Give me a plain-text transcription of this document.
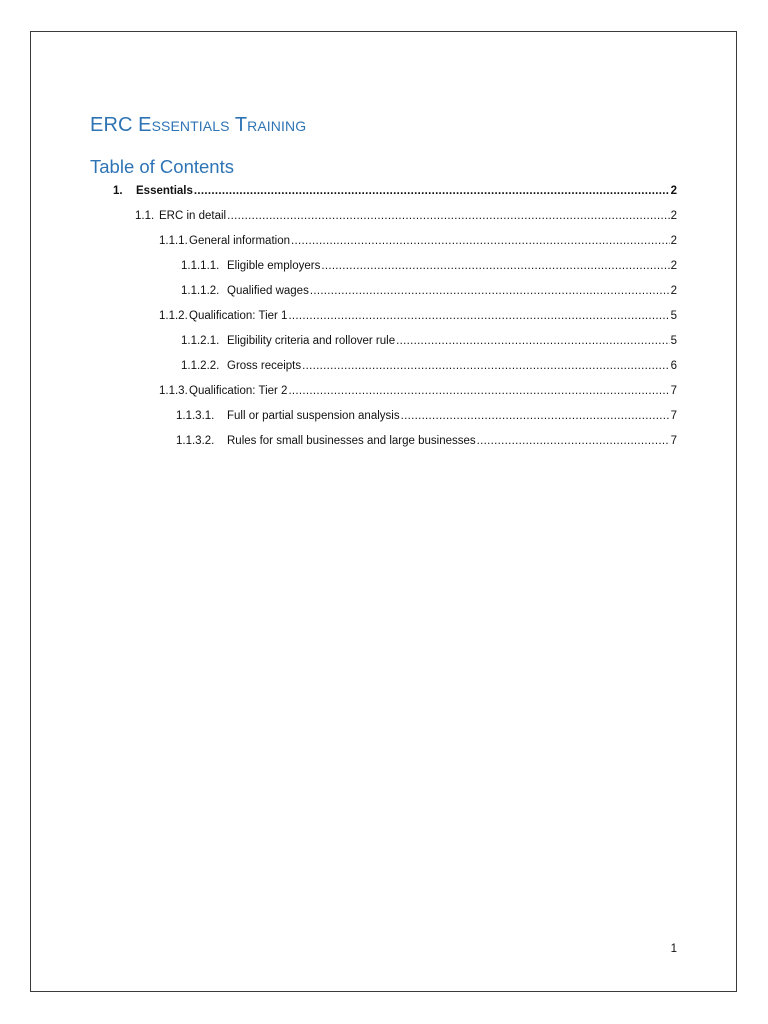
ERC Essentials Training
Table of Contents
1.	Essentials .....	2
1.1. ERC in detail .....	2
1.1.1. General information .....	2
1.1.1.1. Eligible employers .....	2
1.1.1.2. Qualified wages .....	2
1.1.2. Qualification: Tier 1 .....	5
1.1.2.1. Eligibility criteria and rollover rule .....	5
1.1.2.2. Gross receipts .....	6
1.1.3. Qualification: Tier 2 .....	7
1.1.3.1.	Full or partial suspension analysis .....	7
1.1.3.2.	Rules for small businesses and large businesses .....	7
1
